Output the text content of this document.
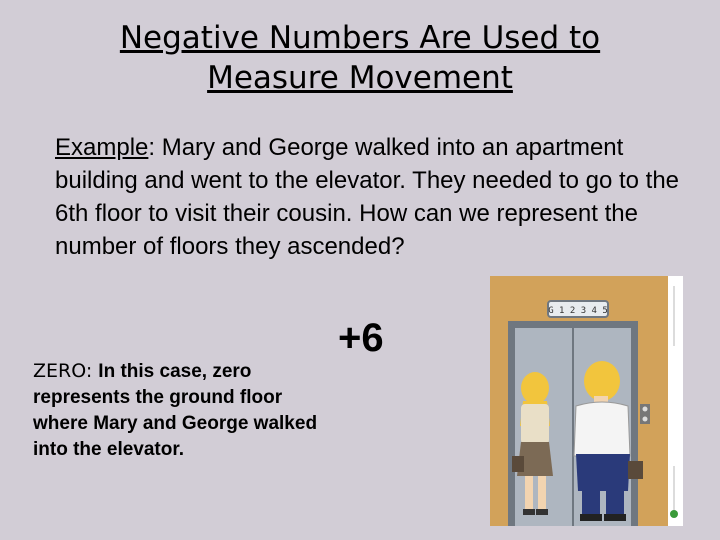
Negative Numbers Are Used to
Measure Movement
Example: Mary and George walked into an apartment building and went to the elevator. They needed to go to the 6th floor to visit their cousin. How can we represent the number of floors they ascended?
ZERO: In this case, zero represents the ground floor where Mary and George walked into the elevator.
+6
G 1 2 3 4 5
